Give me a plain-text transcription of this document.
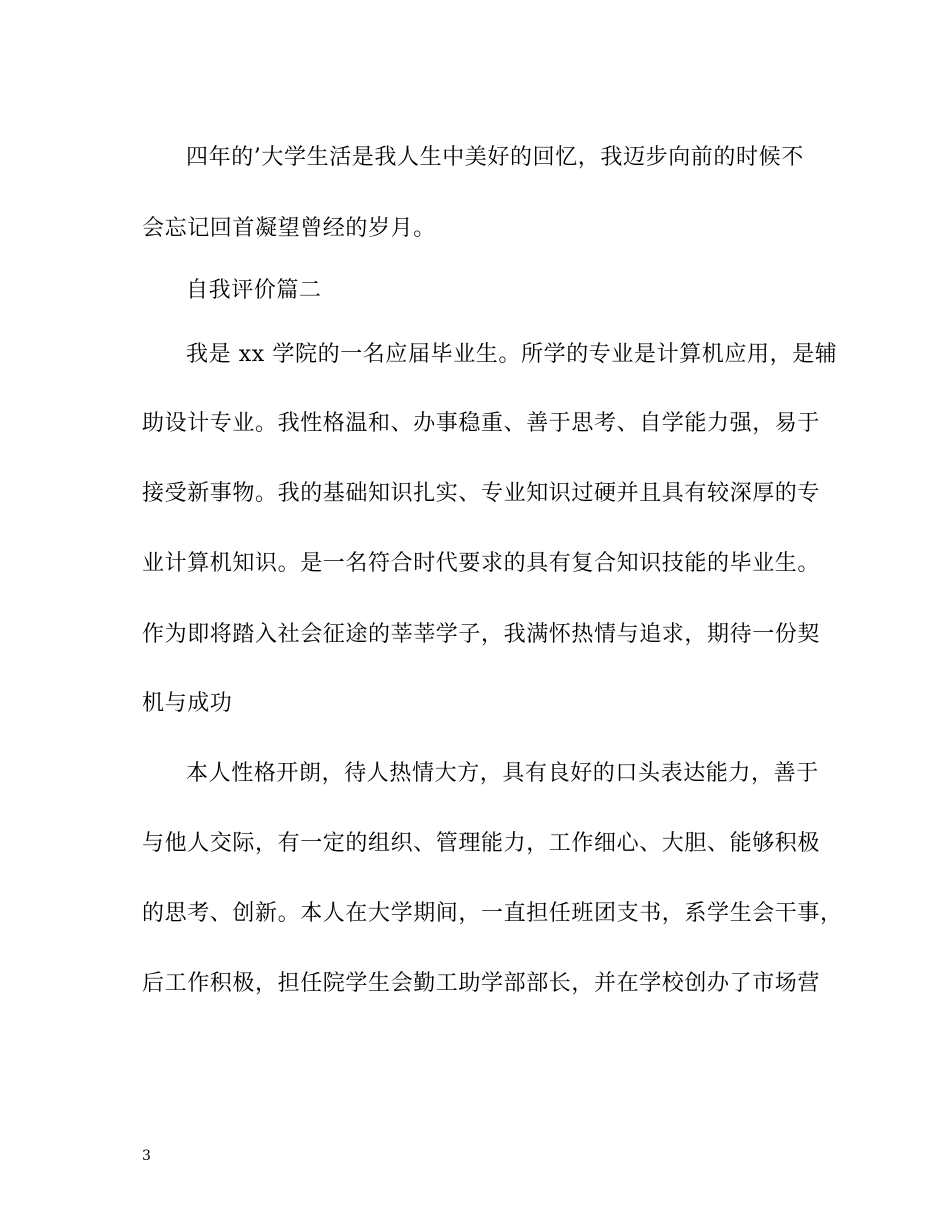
四年的’大学生活是我人生中美好的回忆，我迈步向前的时候不
会忘记回首凝望曾经的岁月。
自我评价篇二
我是 xx 学院的一名应届毕业生。所学的专业是计算机应用，是辅
助设计专业。我性格温和、办事稳重、善于思考、自学能力强，易于
接受新事物。我的基础知识扎实、专业知识过硬并且具有较深厚的专
业计算机知识。是一名符合时代要求的具有复合知识技能的毕业生。
作为即将踏入社会征途的莘莘学子，我满怀热情与追求，期待一份契
机与成功
本人性格开朗，待人热情大方，具有良好的口头表达能力，善于
与他人交际，有一定的组织、管理能力，工作细心、大胆、能够积极
的思考、创新。本人在大学期间，一直担任班团支书，系学生会干事，
后工作积极，担任院学生会勤工助学部部长，并在学校创办了市场营
3
